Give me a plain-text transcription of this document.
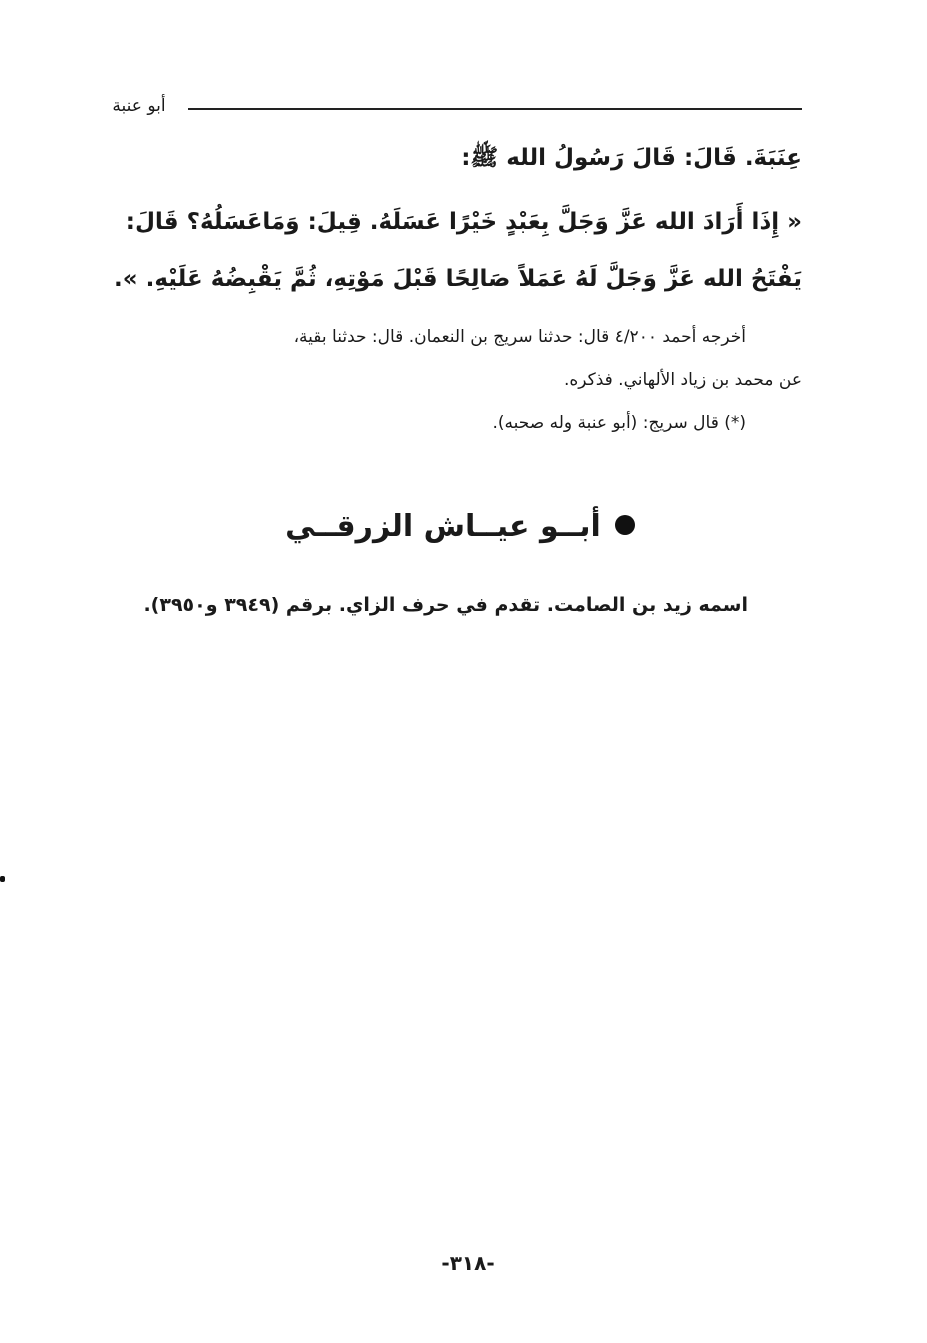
أبو عنبة
عِنَبَةَ. قَالَ: قَالَ رَسُولُ الله ﷺ:
« إِذَا أَرَادَ الله عَزَّ وَجَلَّ بِعَبْدٍ خَيْرًا عَسَلَهُ. قِيلَ: وَمَاعَسَلُهُ؟ قَالَ:
يَفْتَحُ الله عَزَّ وَجَلَّ لَهُ عَمَلاً صَالِحًا قَبْلَ مَوْتِهِ، ثُمَّ يَقْبِضُهُ عَلَيْهِ. ».
أخرجه أحمد ٤/٢٠٠ قال: حدثنا سريج بن النعمان. قال: حدثنا بقية،
عن محمد بن زياد الألهاني. فذكره.
(*) قال سريج: (أبو عنبة وله صحبه).
أبــو عيــاش الزرقــي
اسمه زيد بن الصامت. تقدم في حرف الزاي. برقم (٣٩٤٩ و٣٩٥٠).
-٣١٨-
